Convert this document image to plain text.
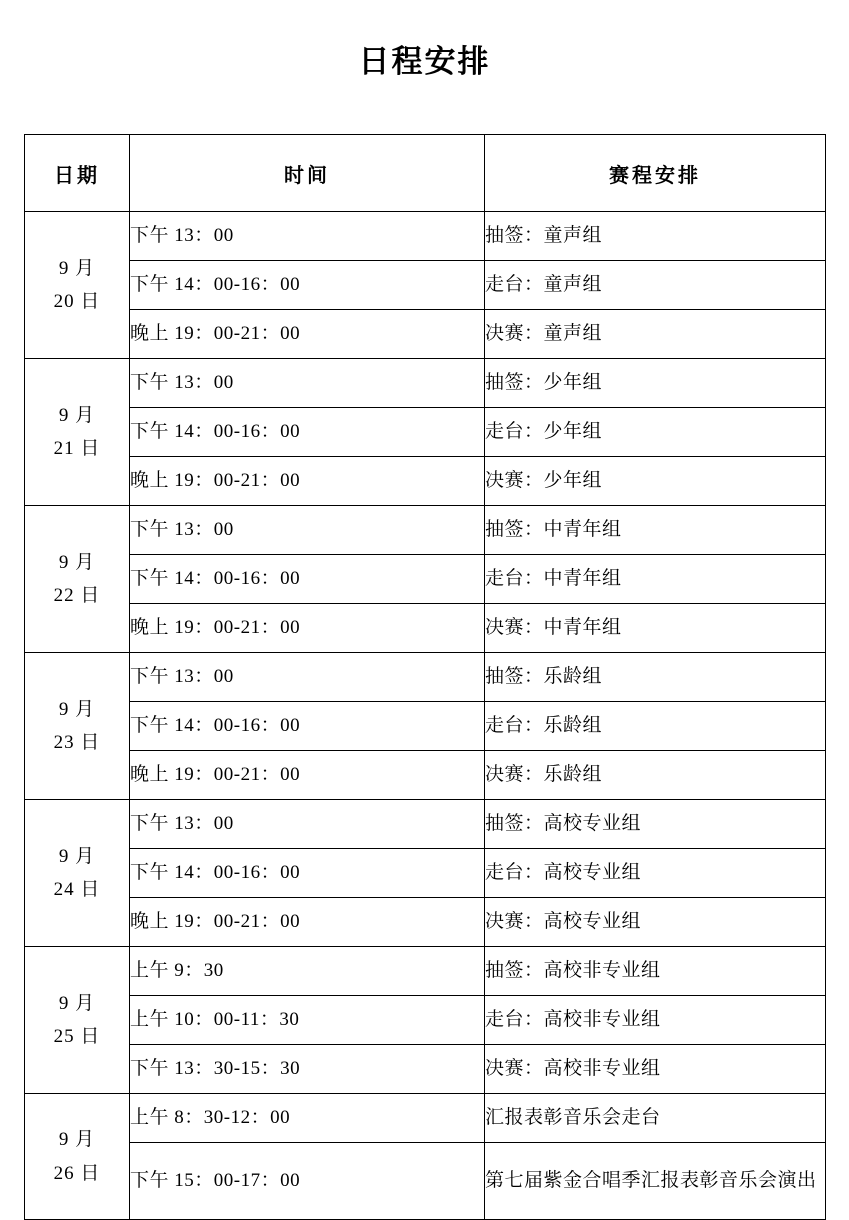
日程安排
日期	时间	赛程安排

9 月
20 日	下午 13：00	抽签：童声组
	下午 14：00-16：00	走台：童声组
	晚上 19：00-21：00	决赛：童声组

9 月
21 日	下午 13：00	抽签：少年组
	下午 14：00-16：00	走台：少年组
	晚上 19：00-21：00	决赛：少年组

9 月
22 日	下午 13：00	抽签：中青年组
	下午 14：00-16：00	走台：中青年组
	晚上 19：00-21：00	决赛：中青年组

9 月
23 日	下午 13：00	抽签：乐龄组
	下午 14：00-16：00	走台：乐龄组
	晚上 19：00-21：00	决赛：乐龄组

9 月
24 日	下午 13：00	抽签：高校专业组
	下午 14：00-16：00	走台：高校专业组
	晚上 19：00-21：00	决赛：高校专业组

9 月
25 日	上午 9：30	抽签：高校非专业组
	上午 10：00-11：30	走台：高校非专业组
	下午 13：30-15：30	决赛：高校非专业组

9 月
26 日	上午 8：30-12：00	汇报表彰音乐会走台
	下午 15：00-17：00	第七届紫金合唱季汇报表彰音乐会演出
